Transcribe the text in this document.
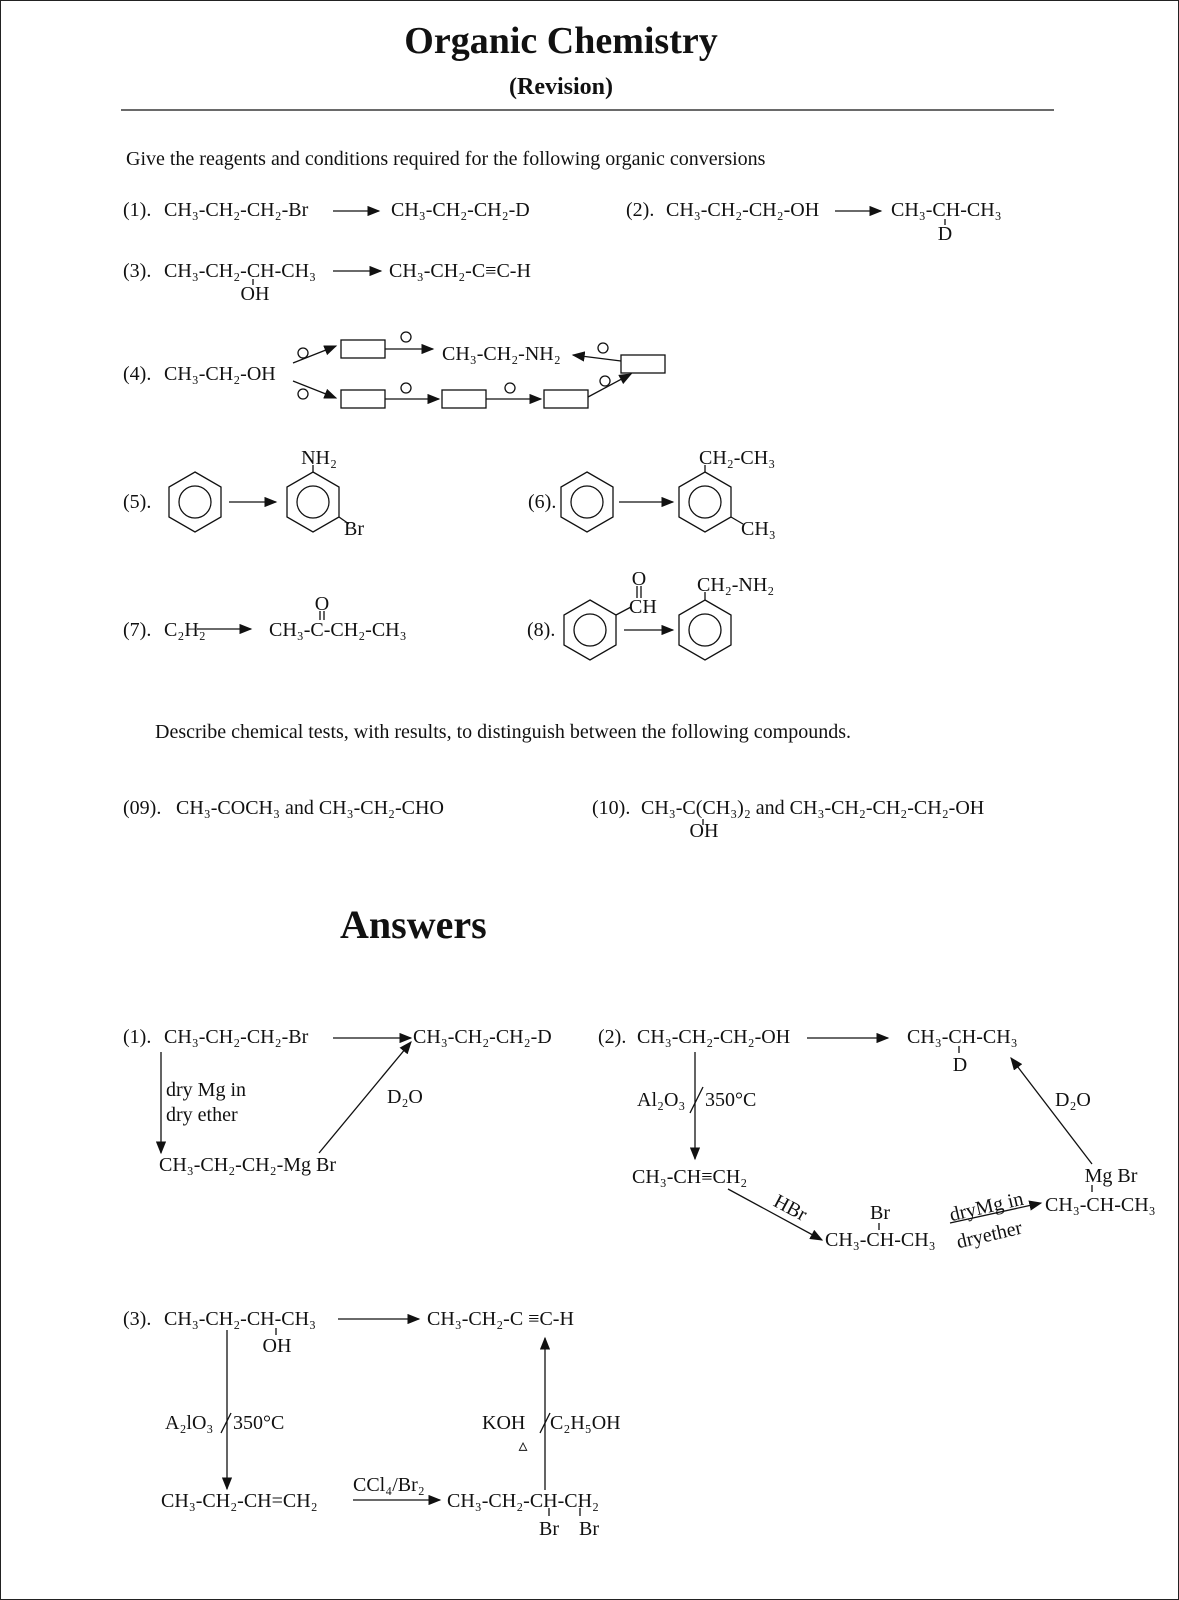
Organic Chemistry
(Revision)
Give the reagents and conditions required for the following organic conversions
(1). CH₃-CH₂-CH₂-Br	CH₃-CH₂-CH₂-D	(2). CH₃-CH₂-CH₂-OH	CH₃-CH-CH₃
D
(3). CH₃-CH₂-CH-CH₃
OH
CH₃-CH₂-C≡C-H
(4). CH₃-CH₂-OH
CH₃-CH₂-NH₂
(5).
NH₂
Br
(6).
CH₂-CH₃
CH₃
(7). C₂H₂	CH₃-C-CH₂-CH₃
O
(8).
O
CH
CH₂-NH₂
Describe chemical tests, with results, to distinguish between the following compounds.
(09). CH₃-COCH₃ and CH₃-CH₂-CHO	(10). CH₃-C(CH₃)₂ and CH₃-CH₂-CH₂-CH₂-OH
OH
Answers
(1). CH₃-CH₂-CH₂-Br	CH₃-CH₂-CH₂-D
dry Mg in
dry ether
CH₃-CH₂-CH₂-Mg Br
D₂O
(2). CH₃-CH₂-CH₂-OH	CH₃-CH-CH₃
D
Al₂O₃ 350°C
CH₃-CH≡CH₂
HBr	Br
CH₃-CH-CH₃
dryMg in
dryether
Mg Br
CH₃-CH-CH₃
D₂O
(3). CH₃-CH₂-CH-CH₃
OH
CH₃-CH₂-C ≡C-H
A₂lO₃ 350°C
CH₃-CH₂-CH=CH₂
CCl₄/Br₂
CH₃-CH₂-CH-CH₂
Br Br
KOH C₂H₅OH
▵
